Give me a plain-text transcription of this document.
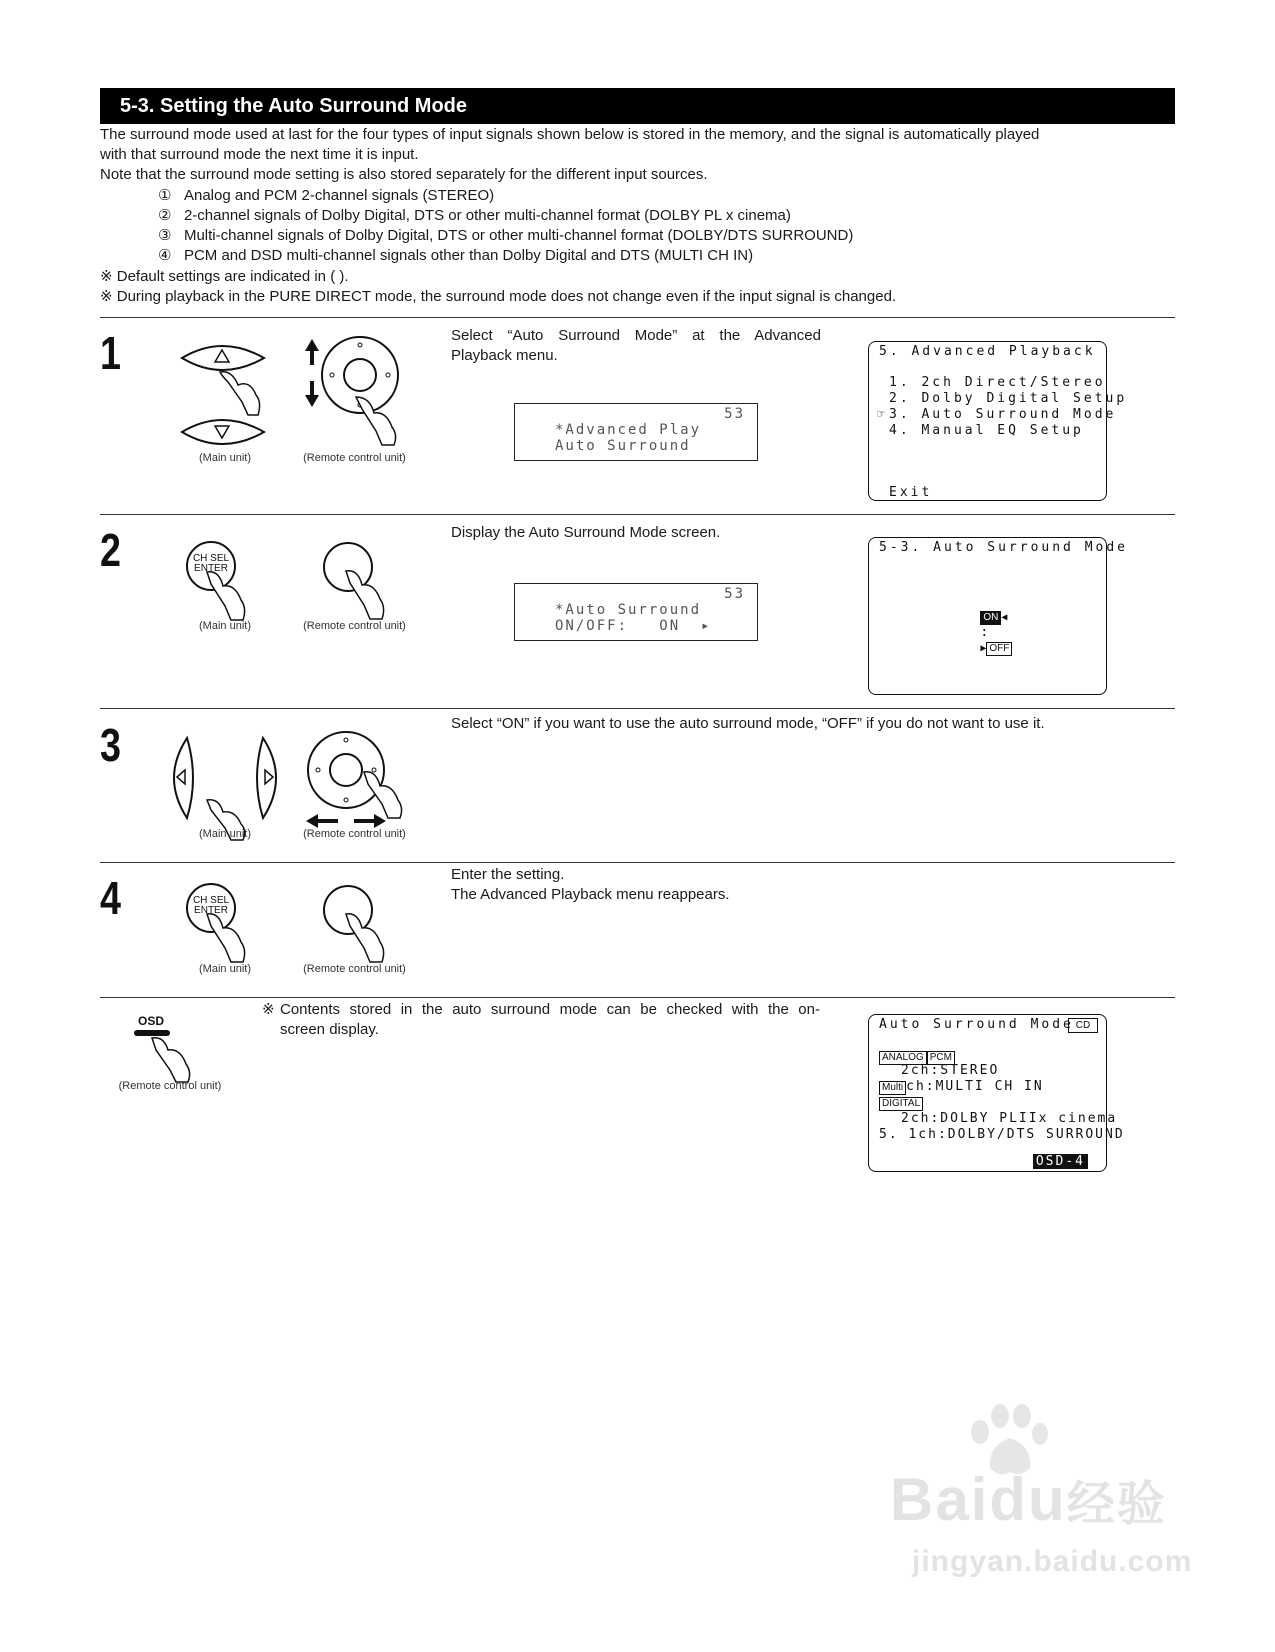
5-3. Setting the Auto Surround Mode
The surround mode used at last for the four types of input signals shown below is stored in the memory, and the signal is automatically played
with that surround mode the next time it is input.
Note that the surround mode setting is also stored separately for the different input sources.
① Analog and PCM 2-channel signals (STEREO)
② 2-channel signals of Dolby Digital, DTS or other multi-channel format (DOLBY PL x cinema)
③ Multi-channel signals of Dolby Digital, DTS or other multi-channel format (DOLBY/DTS SURROUND)
④ PCM and DSD multi-channel signals other than Dolby Digital and DTS (MULTI CH IN)
※ Default settings are indicated in ( ).
※ During playback in the PURE DIRECT mode, the surround mode does not change even if the input signal is changed.
1
(Main unit)	(Remote control unit)
Select “Auto Surround Mode” at the Advanced
Playback menu.
53
*Advanced Play
Auto Surround
5. Advanced Playback
1. 2ch Direct/Stereo
2. Dolby Digital Setup
☞ 3. Auto Surround Mode
4. Manual EQ Setup
Exit
2	CH SEL
ENTER
(Main unit)	(Remote control unit)
Display the Auto Surround Mode screen.
53
*Auto Surround
ON/OFF:   ON  ▸
5-3. Auto Surround Mode

ON ◀
:
▶ OFF

3
(Main unit)	(Remote control unit)
Select “ON” if you want to use the auto surround mode, “OFF” if you do not want to use it.
4	CH SEL
ENTER
(Main unit)	(Remote control unit)
Enter the setting.
The Advanced Playback menu reappears.
OSD
(Remote control unit)
※ Contents stored in the auto surround mode can be checked with the on-
screen display.	Auto Surround Mode CD
ANALOG PCM
2ch:STEREO
Multi ch:MULTI CH IN
DIGITAL
2ch:DOLBY PLIIx cinema
5. 1ch:DOLBY/DTS SURROUND
OSD-4
Baidu经验
jingyan.baidu.com
